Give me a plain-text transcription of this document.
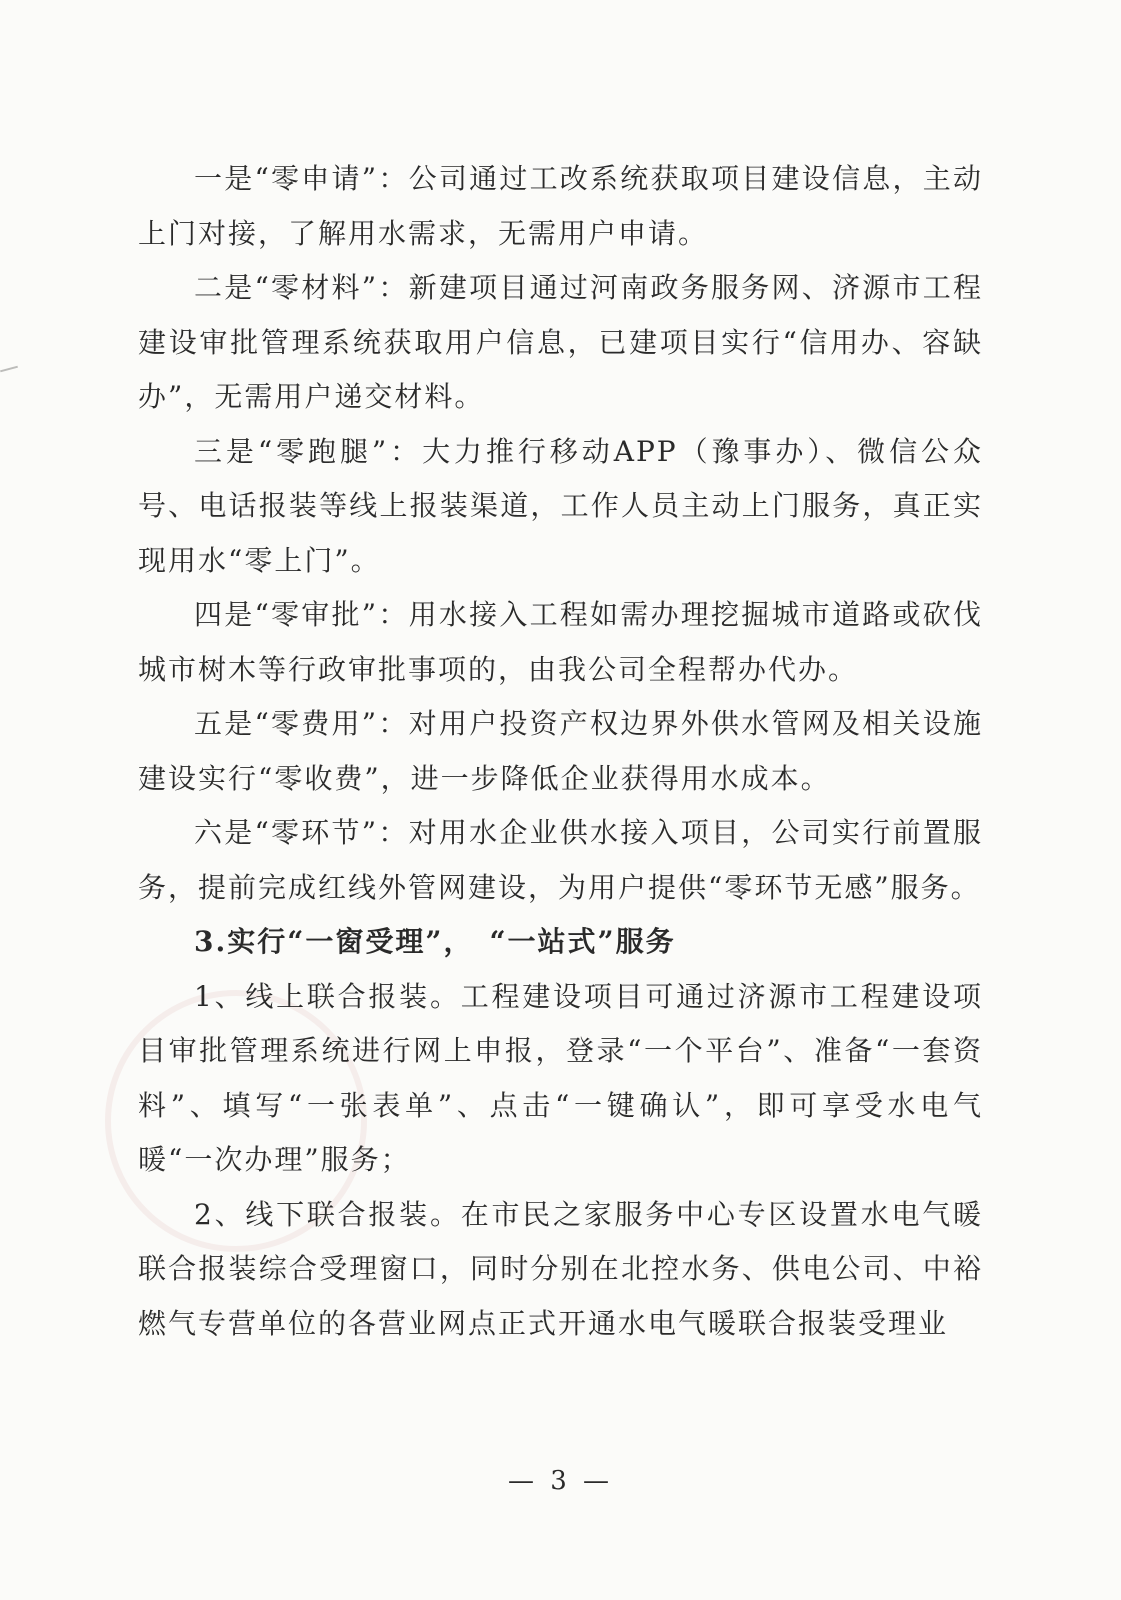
一是“零申请”：公司通过工改系统获取项目建设信息，主动上门对接，了解用水需求，无需用户申请。

二是“零材料”：新建项目通过河南政务服务网、济源市工程建设审批管理系统获取用户信息，已建项目实行“信用办、容缺办”，无需用户递交材料。

三是“零跑腿”：大力推行移动APP（豫事办）、微信公众号、电话报装等线上报装渠道，工作人员主动上门服务，真正实现用水“零上门”。

四是“零审批”：用水接入工程如需办理挖掘城市道路或砍伐城市树木等行政审批事项的，由我公司全程帮办代办。

五是“零费用”：对用户投资产权边界外供水管网及相关设施建设实行“零收费”，进一步降低企业获得用水成本。

六是“零环节”：对用水企业供水接入项目，公司实行前置服务，提前完成红线外管网建设，为用户提供“零环节无感”服务。

3.实行“一窗受理”，　“一站式”服务

1、线上联合报装。工程建设项目可通过济源市工程建设项目审批管理系统进行网上申报，登录“一个平台”、准备“一套资料”、填写“一张表单”、点击“一键确认”，即可享受水电气暖“一次办理”服务；

2、线下联合报装。在市民之家服务中心专区设置水电气暖联合报装综合受理窗口，同时分别在北控水务、供电公司、中裕燃气专营单位的各营业网点正式开通水电气暖联合报装受理业

— 3 —
